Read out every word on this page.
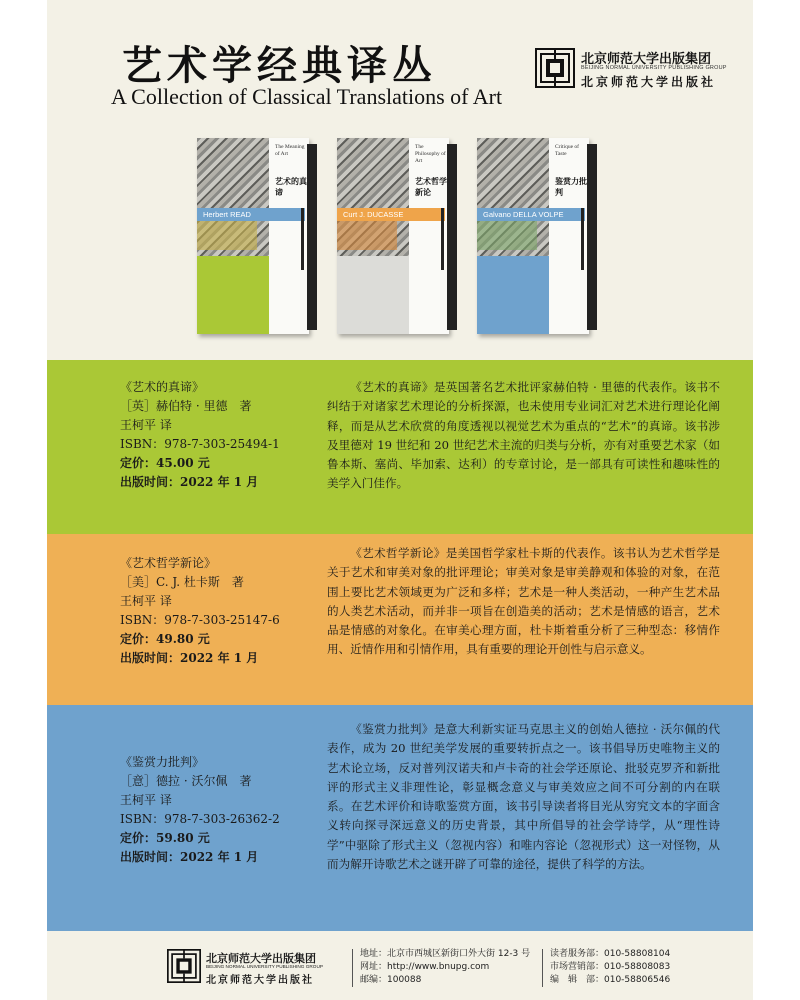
艺术学经典译丛
A Collection of Classical Translations of Art
北京师范大学出版集团
BEIJING NORMAL UNIVERSITY PUBLISHING GROUP
北京师范大学出版社
The Meaning of Art
艺术的真谛
Herbert READ
The Philosophy of Art
艺术哲学新论
Curt J. DUCASSE
Critique of Taste
鉴赏力批判
Galvano DELLA VOLPE
《艺术的真谛》
［英］赫伯特 · 里德　著
王柯平 译
ISBN：978-7-303-25494-1
定价：45.00 元
出版时间：2022 年 1 月
《艺术的真谛》是英国著名艺术批评家赫伯特 · 里德的代表作。该书不纠结于对诸家艺术理论的分析探源，也未使用专业词汇对艺术进行理论化阐释，而是从艺术欣赏的角度透视以视觉艺术为重点的“艺术”的真谛。该书涉及里德对 19 世纪和 20 世纪艺术主流的归类与分析，亦有对重要艺术家（如鲁本斯、塞尚、毕加索、达利）的专章讨论，是一部具有可读性和趣味性的美学入门佳作。
《艺术哲学新论》
［美］C. J. 杜卡斯　著
王柯平 译
ISBN：978-7-303-25147-6
定价：49.80 元
出版时间：2022 年 1 月
《艺术哲学新论》是美国哲学家杜卡斯的代表作。该书认为艺术哲学是关于艺术和审美对象的批评理论；审美对象是审美静观和体验的对象，在范围上要比艺术领域更为广泛和多样；艺术是一种人类活动，一种产生艺术品的人类艺术活动，而并非一项旨在创造美的活动；艺术是情感的语言，艺术品是情感的对象化。在审美心理方面，杜卡斯着重分析了三种型态：移情作用、近情作用和引情作用，具有重要的理论开创性与启示意义。
《鉴赏力批判》
［意］德拉 · 沃尔佩　著
王柯平 译
ISBN：978-7-303-26362-2
定价：59.80 元
出版时间：2022 年 1 月
《鉴赏力批判》是意大利新实证马克思主义的创始人德拉 · 沃尔佩的代表作，成为 20 世纪美学发展的重要转折点之一。该书倡导历史唯物主义的艺术论立场，反对普列汉诺夫和卢卡奇的社会学还原论、批驳克罗齐和新批评的形式主义非理性论，彰显概念意义与审美效应之间不可分割的内在联系。在艺术评价和诗歌鉴赏方面，该书引导读者将目光从穷究文本的字面含义转向探寻深远意义的历史背景，其中所倡导的社会学诗学，从“理性诗学”中驱除了形式主义（忽视内容）和唯内容论（忽视形式）这一对怪物，从而为解开诗歌艺术之谜开辟了可靠的途径，提供了科学的方法。
北京师范大学出版集团
BEIJING NORMAL UNIVERSITY PUBLISHING GROUP
北京师范大学出版社
地址：北京市西城区新街口外大街 12-3 号
网址：http://www.bnupg.com
邮编：100088
读者服务部：010-58808104
市场营销部：010-58808083
编　辑　部：010-58806546
